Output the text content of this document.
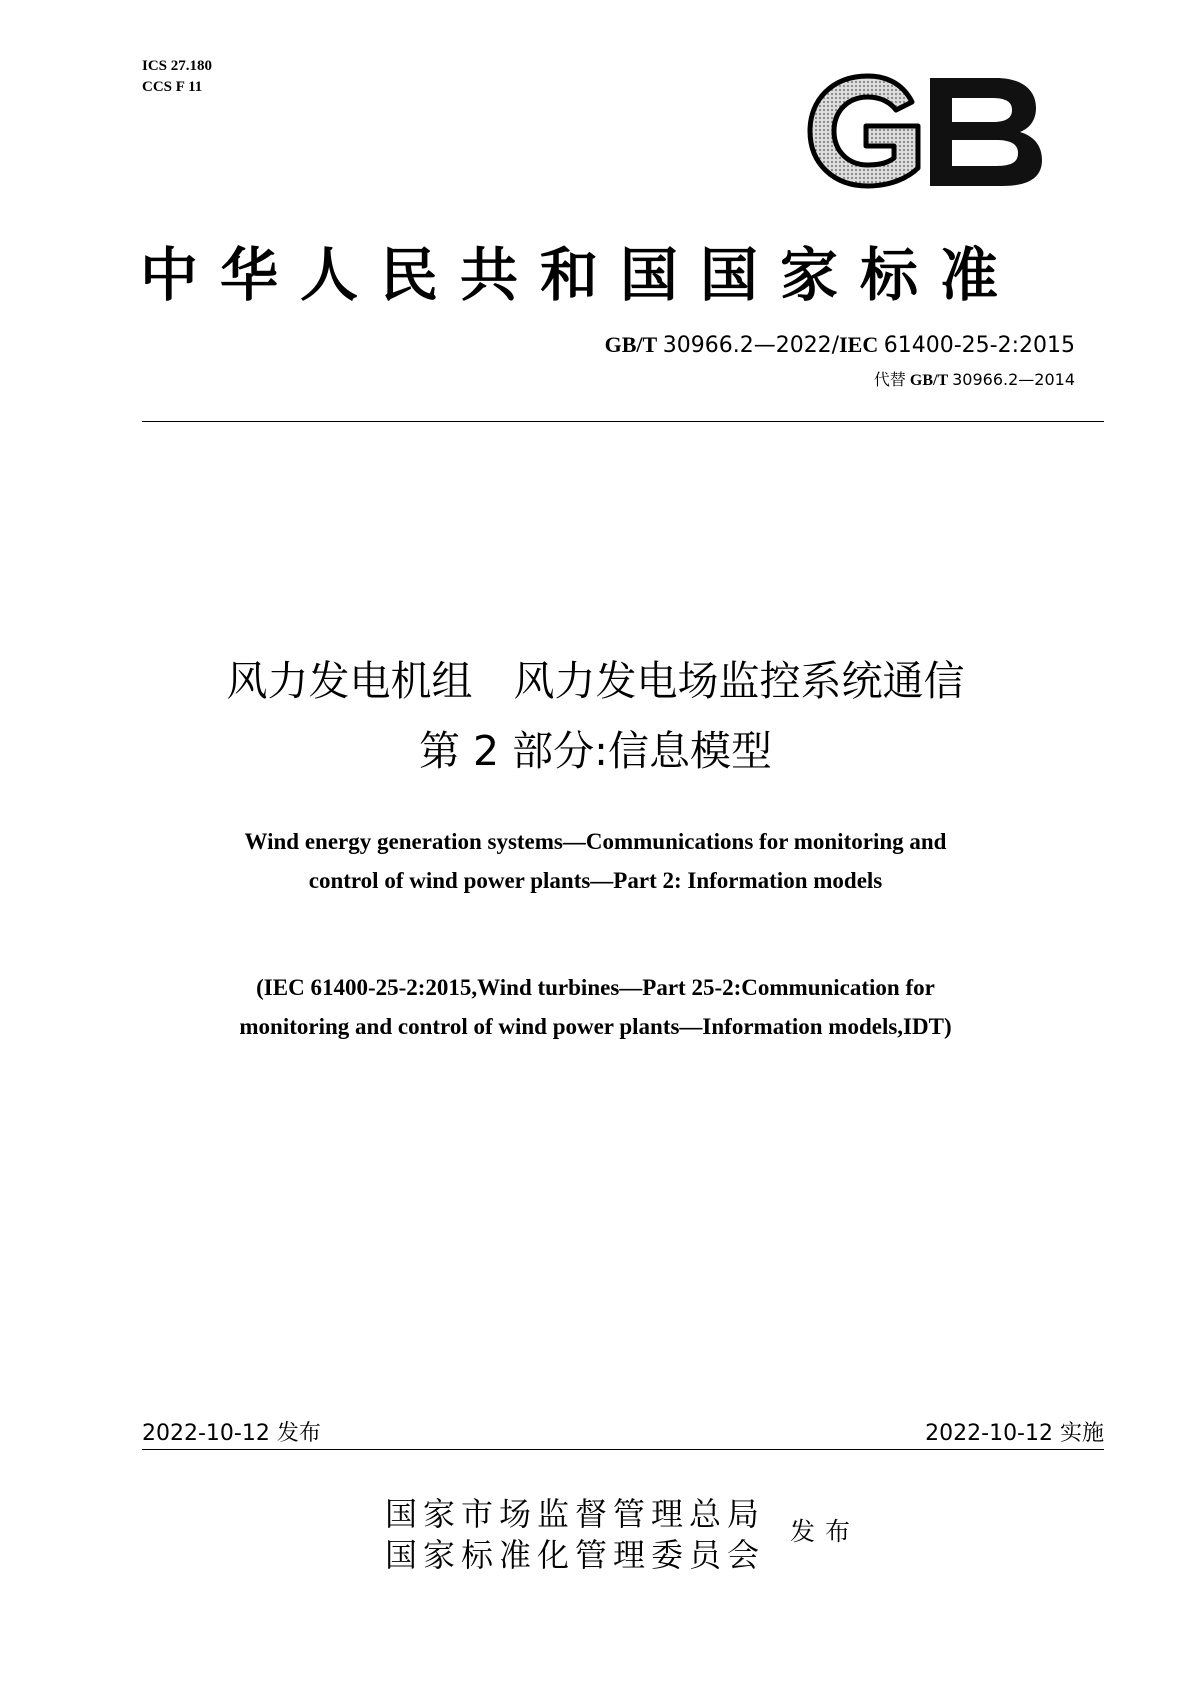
ICS 27.180
CCS F 11
GB
中华人民共和国国家标准
GB/T 30966.2—2022/IEC 61400-25-2:2015
代替 GB/T 30966.2—2014
风力发电机组　风力发电场监控系统通信
第 2 部分:信息模型
Wind energy generation systems—Communications for monitoring and
control of wind power plants—Part 2: Information models
(IEC 61400-25-2:2015,Wind turbines—Part 25-2:Communication for
monitoring and control of wind power plants—Information models,IDT)
2022-10-12 发布	2022-10-12 实施
国家市场监督管理总局
国家标准化管理委员会
发布
